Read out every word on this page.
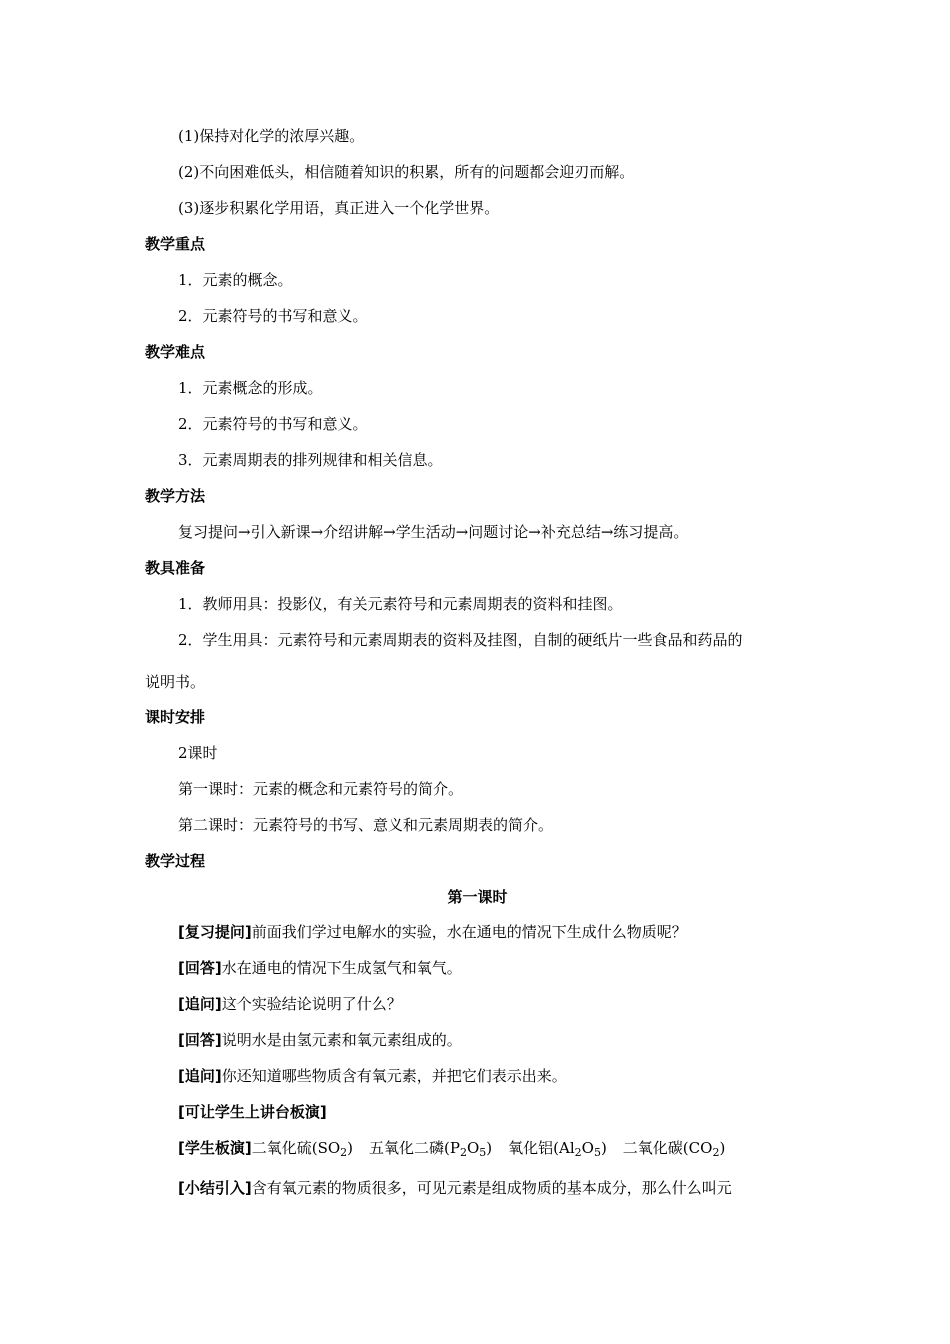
(1)保持对化学的浓厚兴趣。
(2)不向困难低头，相信随着知识的积累，所有的问题都会迎刃而解。
(3)逐步积累化学用语，真正进入一个化学世界。
教学重点
1．元素的概念。
2．元素符号的书写和意义。
教学难点
1．元素概念的形成。
2．元素符号的书写和意义。
3．元素周期表的排列规律和相关信息。
教学方法
复习提问→引入新课→介绍讲解→学生活动→问题讨论→补充总结→练习提高。
教具准备
1．教师用具：投影仪，有关元素符号和元素周期表的资料和挂图。
2．学生用具：元素符号和元素周期表的资料及挂图，自制的硬纸片一些食品和药品的
说明书。
课时安排
2课时
第一课时：元素的概念和元素符号的简介。
第二课时：元素符号的书写、意义和元素周期表的简介。
教学过程
第一课时
[复习提问]前面我们学过电解水的实验，水在通电的情况下生成什么物质呢？
[回答]水在通电的情况下生成氢气和氧气。
[追问]这个实验结论说明了什么？
[回答]说明水是由氢元素和氧元素组成的。
[追问]你还知道哪些物质含有氧元素，并把它们表示出来。
[可让学生上讲台板演]
[学生板演]二氧化硫$(SO_2)$ 五氧化二磷$(P_2O_5)$ 氧化铝$(Al_2O_5)$ 二氧化碳$(CO_2)$
[小结引入]含有氧元素的物质很多，可见元素是组成物质的基本成分，那么什么叫元
